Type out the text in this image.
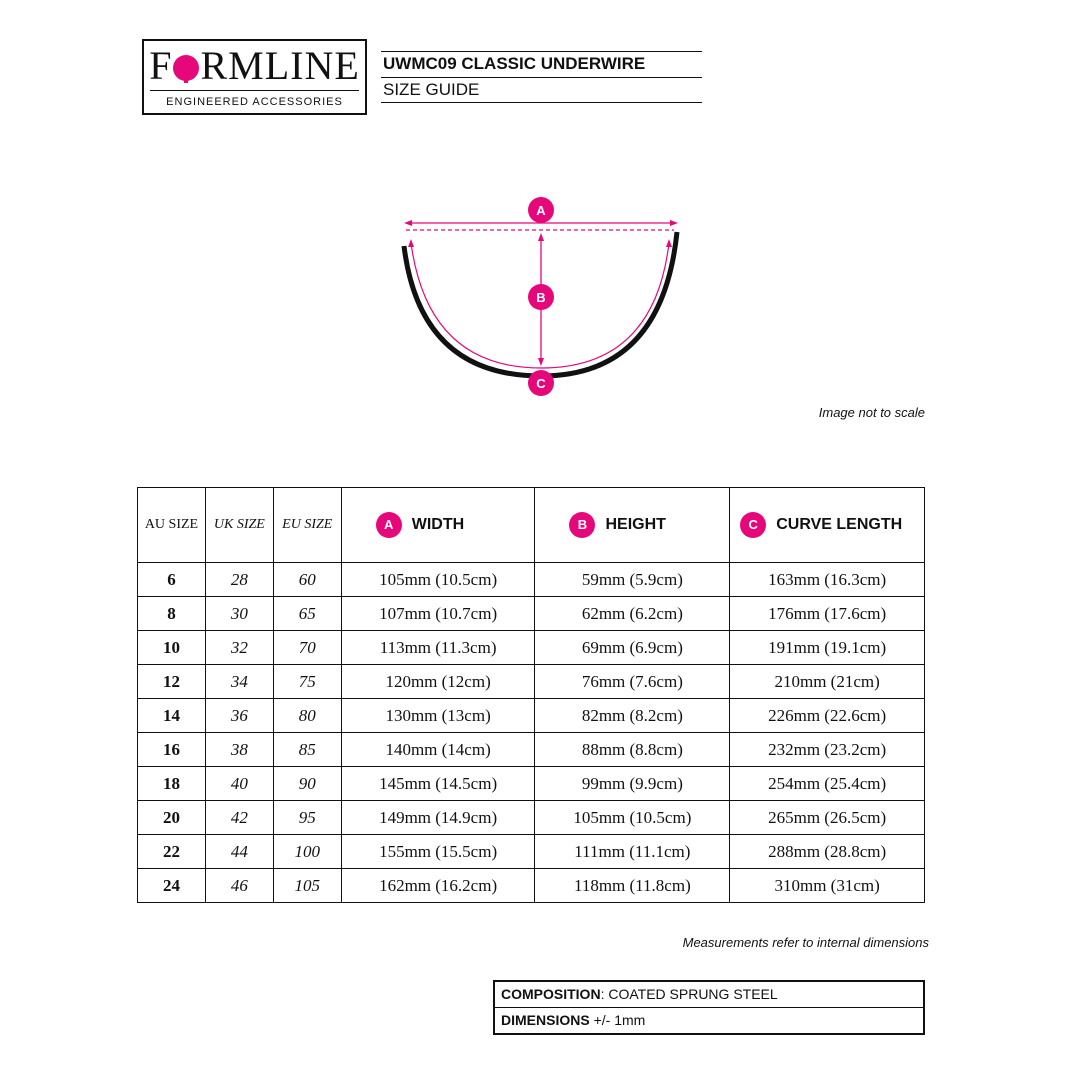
F RMLINE
ENGINEERED ACCESSORIES
UWMC09 CLASSIC UNDERWIRE
SIZE GUIDE
A
B
C
Image not to scale
AU SIZE	UK SIZE	EU SIZE	A WIDTH	B HEIGHT	C CURVE LENGTH
6	28	60	105mm (10.5cm)	59mm (5.9cm)	163mm (16.3cm)
8	30	65	107mm (10.7cm)	62mm (6.2cm)	176mm (17.6cm)
10	32	70	113mm (11.3cm)	69mm (6.9cm)	191mm (19.1cm)
12	34	75	120mm (12cm)	76mm (7.6cm)	210mm (21cm)
14	36	80	130mm (13cm)	82mm (8.2cm)	226mm (22.6cm)
16	38	85	140mm (14cm)	88mm (8.8cm)	232mm (23.2cm)
18	40	90	145mm (14.5cm)	99mm (9.9cm)	254mm (25.4cm)
20	42	95	149mm (14.9cm)	105mm (10.5cm)	265mm (26.5cm)
22	44	100	155mm (15.5cm)	111mm (11.1cm)	288mm (28.8cm)
24	46	105	162mm (16.2cm)	118mm (11.8cm)	310mm (31cm)
Measurements refer to internal dimensions
COMPOSITION: COATED SPRUNG STEEL
DIMENSIONS +/- 1mm
